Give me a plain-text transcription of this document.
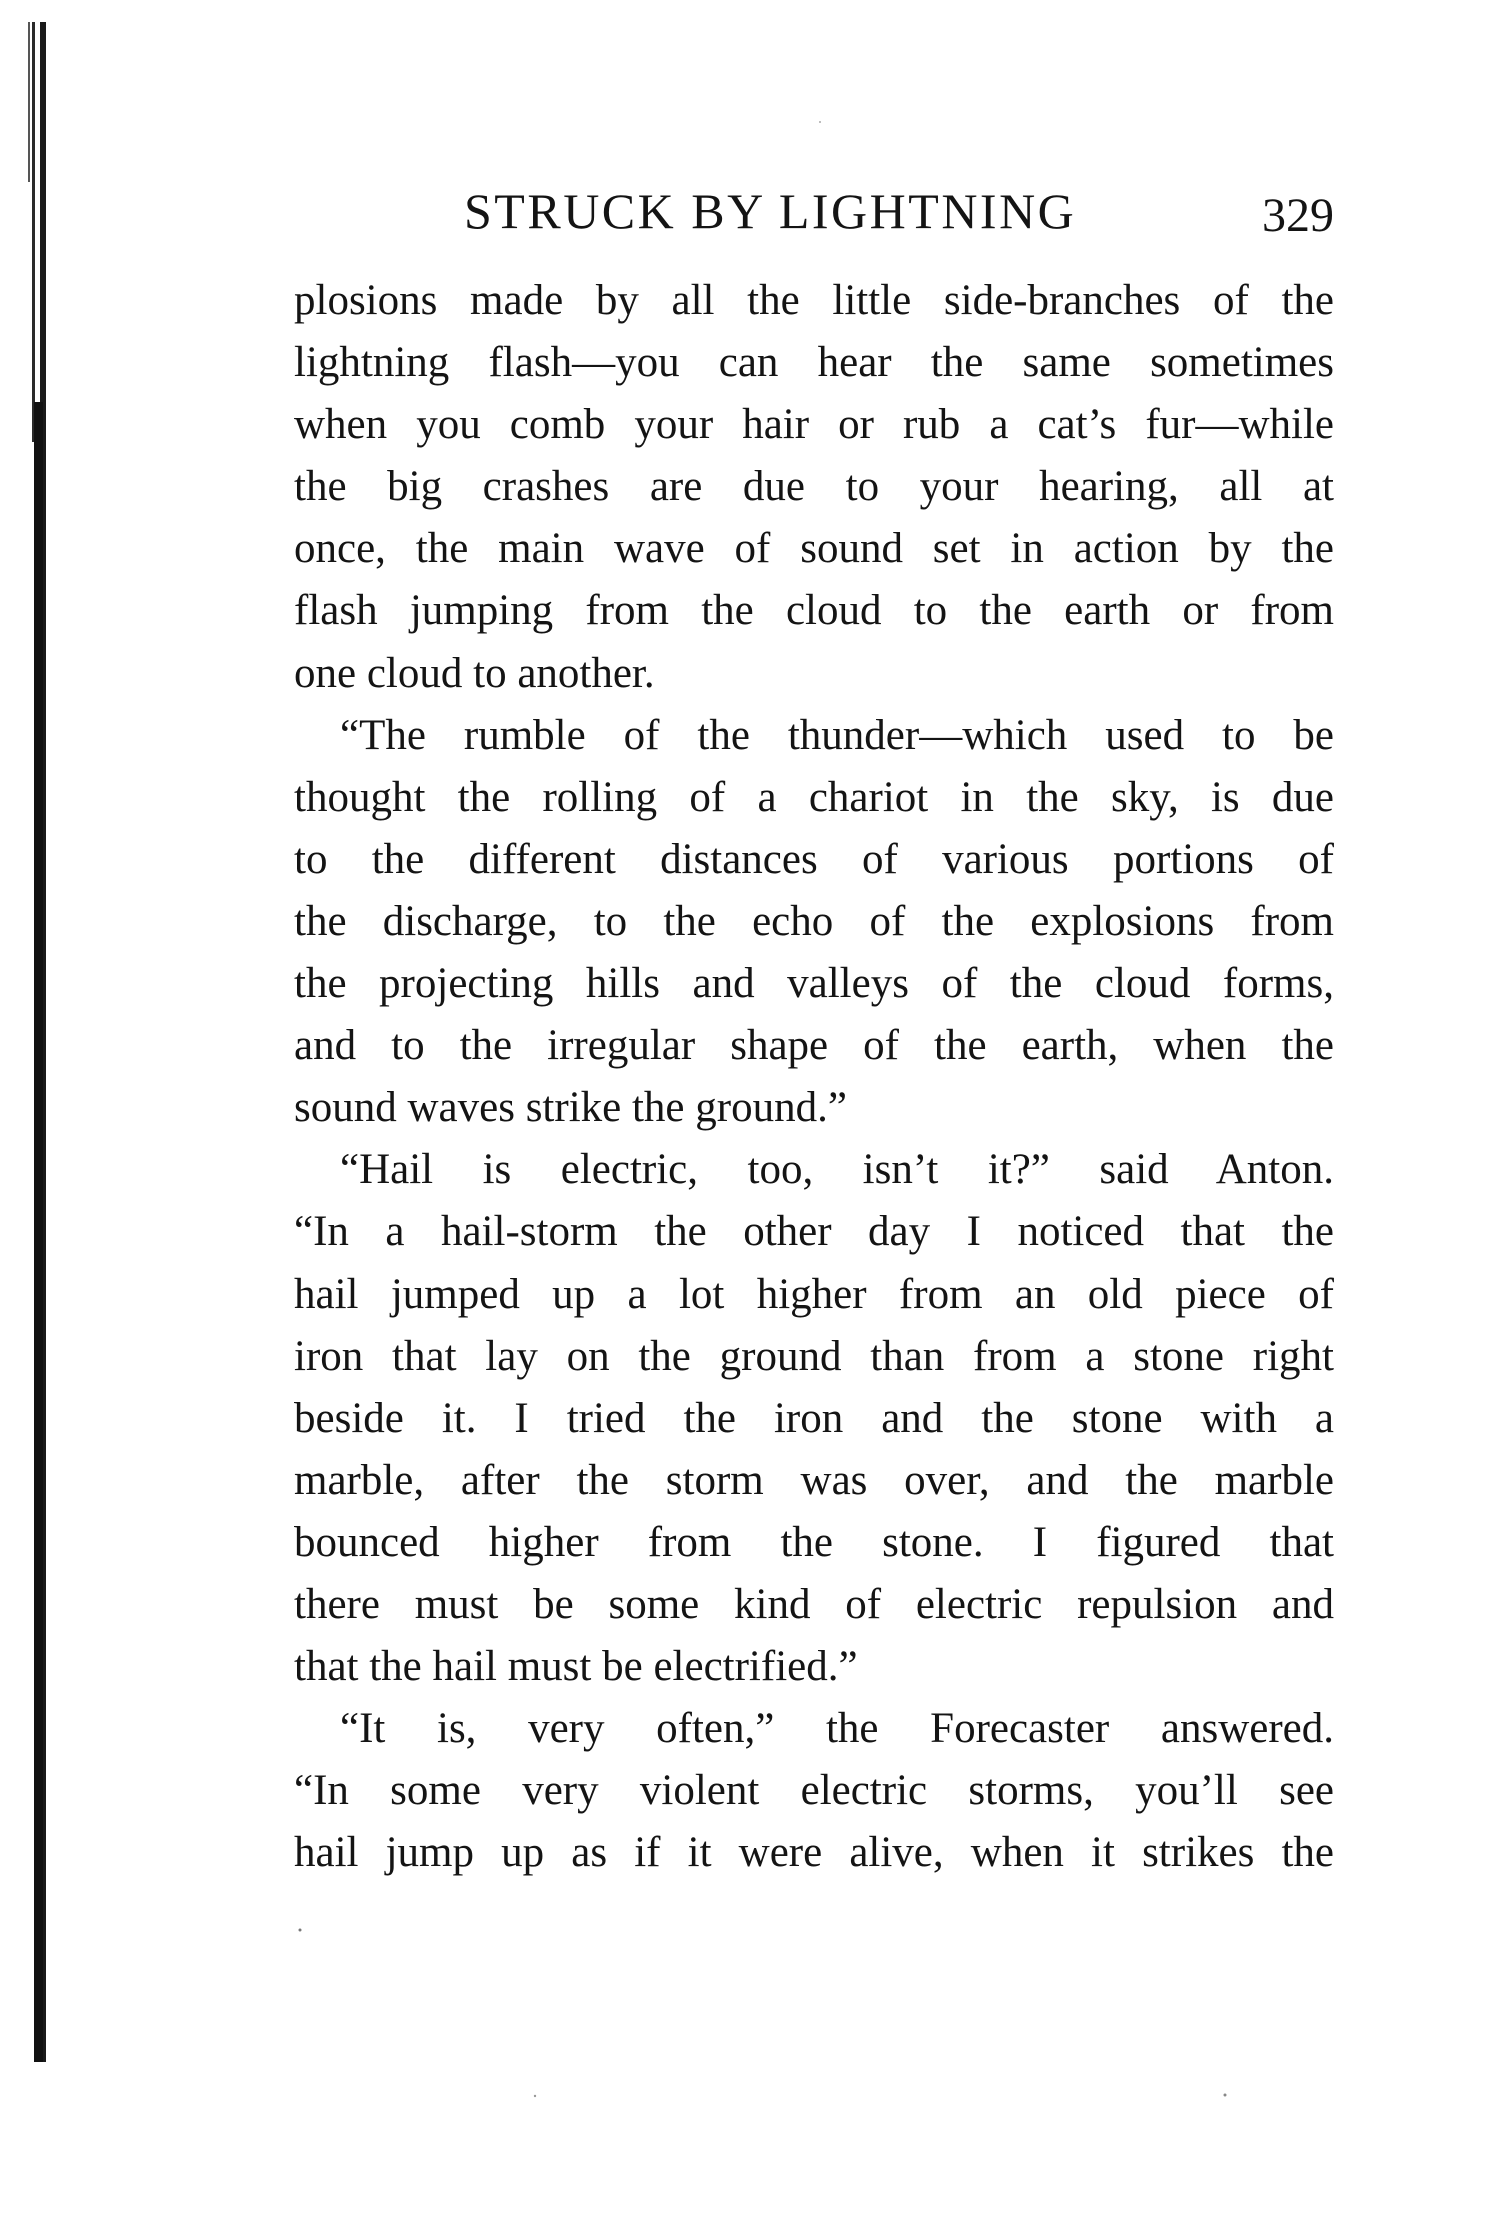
STRUCK BY LIGHTNING	329
plosions made by all the little side-branches of the
lightning flash—you can hear the same sometimes
when you comb your hair or rub a cat’s fur—while
the big crashes are due to your hearing, all at
once, the main wave of sound set in action by the
flash jumping from the cloud to the earth or from
one cloud to another.
“The rumble of the thunder—which used to be
thought the rolling of a chariot in the sky, is due
to the different distances of various portions of
the discharge, to the echo of the explosions from
the projecting hills and valleys of the cloud forms,
and to the irregular shape of the earth, when the
sound waves strike the ground.”
“Hail is electric, too, isn’t it?” said Anton.
“In a hail-storm the other day I noticed that the
hail jumped up a lot higher from an old piece of
iron that lay on the ground than from a stone right
beside it. I tried the iron and the stone with a
marble, after the storm was over, and the marble
bounced higher from the stone. I figured that
there must be some kind of electric repulsion and
that the hail must be electrified.”
“It is, very often,” the Forecaster answered.
“In some very violent electric storms, you’ll see
hail jump up as if it were alive, when it strikes the
